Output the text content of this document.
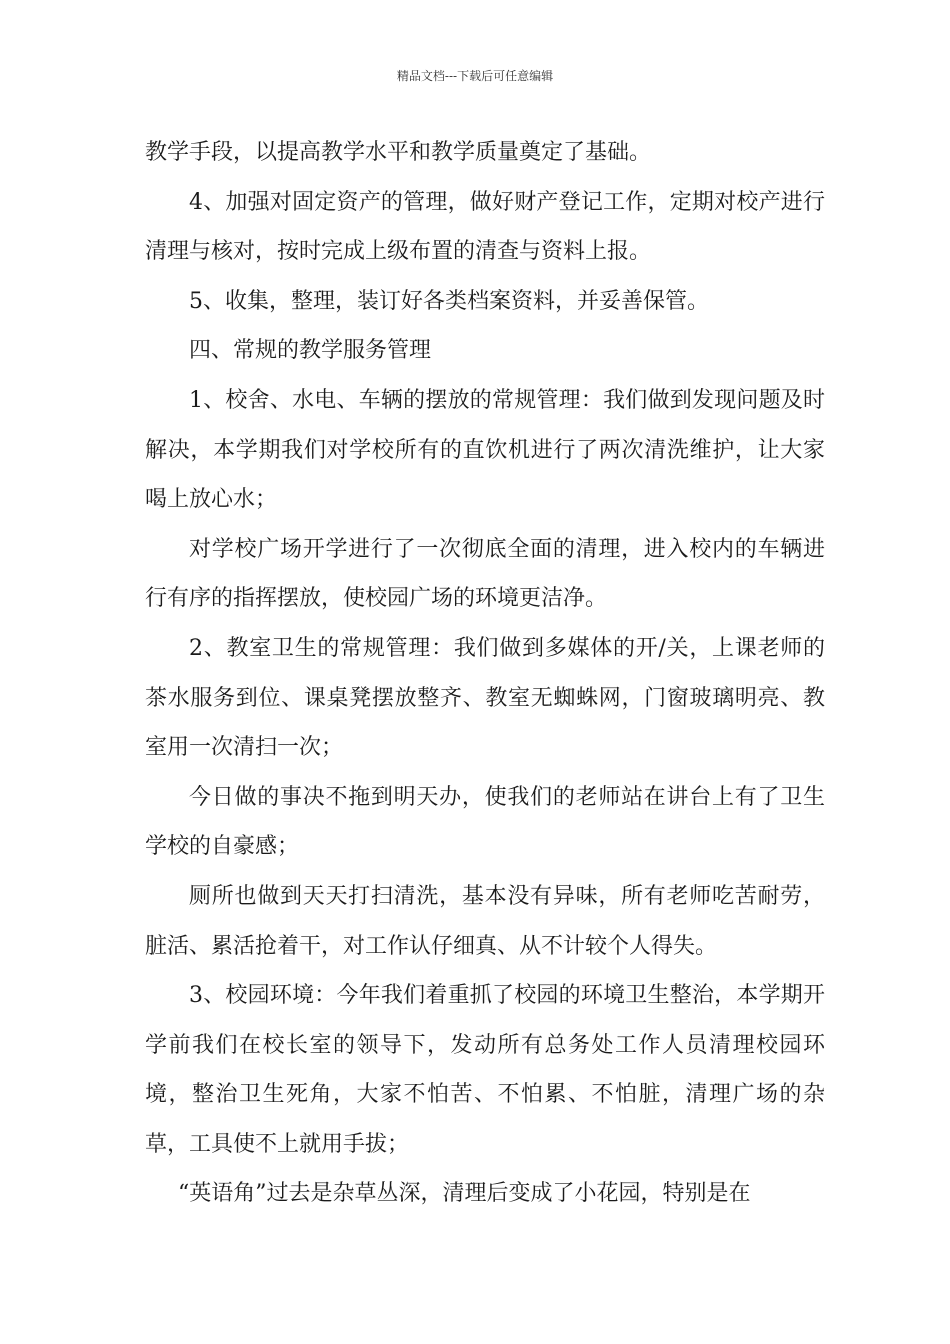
精品文档---下载后可任意编辑

教学手段，以提高教学水平和教学质量奠定了基础。

4、加强对固定资产的管理，做好财产登记工作，定期对校产进行清理与核对，按时完成上级布置的清查与资料上报。

5、收集，整理，装订好各类档案资料，并妥善保管。

四、常规的教学服务管理

1、校舍、水电、车辆的摆放的常规管理：我们做到发现问题及时解决，本学期我们对学校所有的直饮机进行了两次清洗维护，让大家喝上放心水；

对学校广场开学进行了一次彻底全面的清理，进入校内的车辆进行有序的指挥摆放，使校园广场的环境更洁净。

2、教室卫生的常规管理：我们做到多媒体的开/关，上课老师的茶水服务到位、课桌凳摆放整齐、教室无蜘蛛网，门窗玻璃明亮、教室用一次清扫一次；

今日做的事决不拖到明天办，使我们的老师站在讲台上有了卫生学校的自豪感；

厕所也做到天天打扫清洗，基本没有异味，所有老师吃苦耐劳，脏活、累活抢着干，对工作认仔细真、从不计较个人得失。

3、校园环境：今年我们着重抓了校园的环境卫生整治，本学期开学前我们在校长室的领导下，发动所有总务处工作人员清理校园环境，整治卫生死角，大家不怕苦、不怕累、不怕脏，清理广场的杂草，工具使不上就用手拔；

“英语角”过去是杂草丛深，清理后变成了小花园，特别是在
